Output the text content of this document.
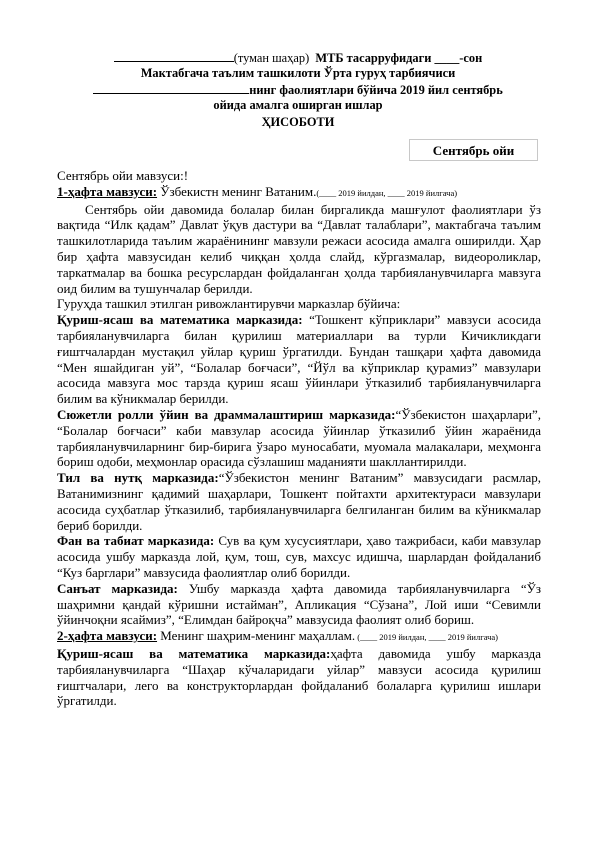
(туман шаҳар) МТБ тасарруфидаги ____-сон
Мактабгача таълим ташкилоти Ўрта гуруҳ тарбиячиси
нинг фаолиятлари бўйича 2019 йил сентябрь
ойида амалга оширган ишлар
ҲИСОБОТИ
Сентябрь ойи

Сентябрь ойи мавзуси:!

1-ҳафта мавзуси: Ўзбекистн менинг Ватаним.(____ 2019 йилдан, ____ 2019 йилгача)

Сентябрь ойи давомида болалар билан биргаликда машғулот фаолиятлари ўз вақтида “Илк қадам” Давлат ўқув дастури ва “Давлат талаблари”, мактабгача таълим ташкилотларида таълим жараёнининг мавзули режаси асосида амалга оширилди. Ҳар бир ҳафта мавзусидан келиб чиққан ҳолда слайд, кўргазмалар, видеороликлар, таркатмалар ва бошка ресурслардан фойдаланган ҳолда тарбияланувчиларга мавзуга оид билим ва тушунчалар берилди.

Гуруҳда ташкил этилган ривожлантирувчи марказлар бўйича:

Қуриш-ясаш ва математика марказида: “Тошкент кўприклари” мавзуси асосида тарбияланувчиларга билан қурилиш материаллари ва турли Кичикликдаги ғиштчалардан мустақил уйлар қуриш ўргатилди. Бундан ташқари ҳафта давомида “Мен яшайдиган уй”, “Болалар боғчаси”, “Йўл ва кўприклар қурамиз” мавзулари асосида мавзуга мос тарзда қуриш ясаш ўйинлари ўтказилиб тарбияланувчиларга билим ва кўникмалар берилди.

Сюжетли ролли ўйин ва драммалаштириш марказида:“Ўзбекистон шаҳарлари”, “Болалар боғчаси” каби мавзулар асосида ўйинлар ўтказилиб ўйин жараёнида тарбияланувчиларнинг бир-бирига ўзаро муносабати, муомала малакалари, меҳмонга бориш одоби, меҳмонлар орасида сўзлашиш маданияти шакллантирилди.

Тил ва нутқ марказида:“Ўзбекистон менинг Ватаним” мавзусидаги расмлар, Ватанимизнинг қадимий шаҳарлари, Тошкент пойтахти архитектураси мавзулари асосида суҳбатлар ўтказилиб, тарбияланувчиларга белгиланган билим ва кўникмалар бериб борилди.

Фан ва табиат марказида: Сув ва қум хусусиятлари, ҳаво тажрибаси, каби мавзулар асосида ушбу марказда лой, қум, тош, сув, махсус идишча, шарлардан фойдаланиб “Куз барглари” мавзусида фаолиятлар олиб борилди.

Санъат марказида: Ушбу марказда ҳафта давомида тарбияланувчиларга “Ўз шаҳримни қандай кўришни истайман”, Апликация “Сўзана”, Лой иши “Севимли ўйинчоқни ясаймиз”, “Елимдан байроқча” мавзусида фаолият олиб бориш.

2-ҳафта мавзуси: Менинг шаҳрим-менинг маҳаллам. (____ 2019 йилдан, ____ 2019 йилгача)

Қуриш-ясаш ва математика марказида:ҳафта давомида ушбу марказда тарбияланувчиларга “Шаҳар кўчаларидаги уйлар” мавзуси асосида қурилиш ғиштчалари, лего ва конструкторлардан фойдаланиб болаларга қурилиш ишлари ўргатилди.
